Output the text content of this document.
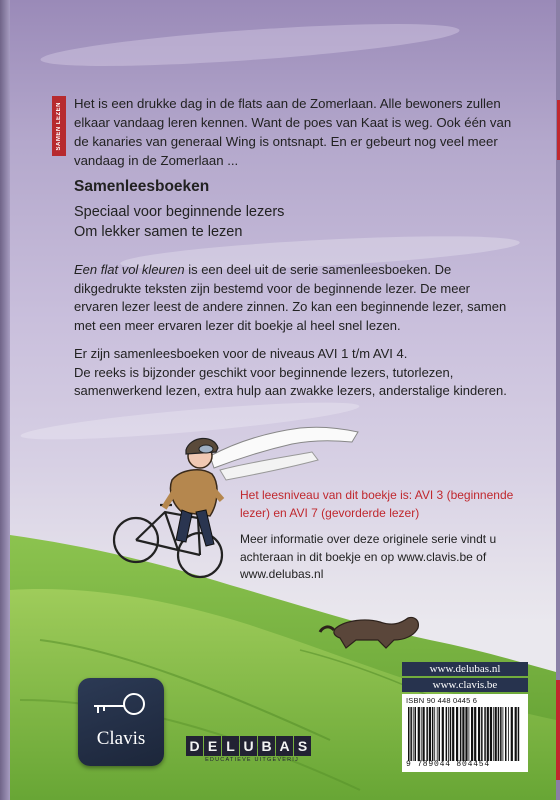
SAMEN LEZEN Het is een drukke dag in de flats aan de Zomerlaan. Alle bewoners zullen elkaar vandaag leren kennen. Want de poes van Kaat is weg. Ook één van de kanaries van generaal Wing is ontsnapt. En er gebeurt nog veel meer vandaag in de Zomerlaan ...
Samenleesboeken
Speciaal voor beginnende lezers
Om lekker samen te lezen
Een flat vol kleuren is een deel uit de serie samenleesboeken. De dikgedrukte teksten zijn bestemd voor de beginnende lezer. De meer ervaren lezer leest de andere zinnen. Zo kan een beginnende lezer, samen met een meer ervaren lezer dit boekje al heel snel lezen.
Er zijn samenleesboeken voor de niveaus AVI 1 t/m AVI 4.
De reeks is bijzonder geschikt voor beginnende lezers, tutorlezen, samenwerkend lezen, extra hulp aan zwakke lezers, anderstalige kinderen.
Het leesniveau van dit boekje is: AVI 3 (beginnende lezer) en AVI 7 (gevorderde lezer)
Meer informatie over deze originele serie vindt u achteraan in dit boekje en op www.clavis.be of www.delubas.nl
Clavis	D E L U B A S
EDUCATIEVE UITGEVERIJ
www.delubas.nl
www.clavis.be
ISBN 90 448 0445 6
9 789044 804454
